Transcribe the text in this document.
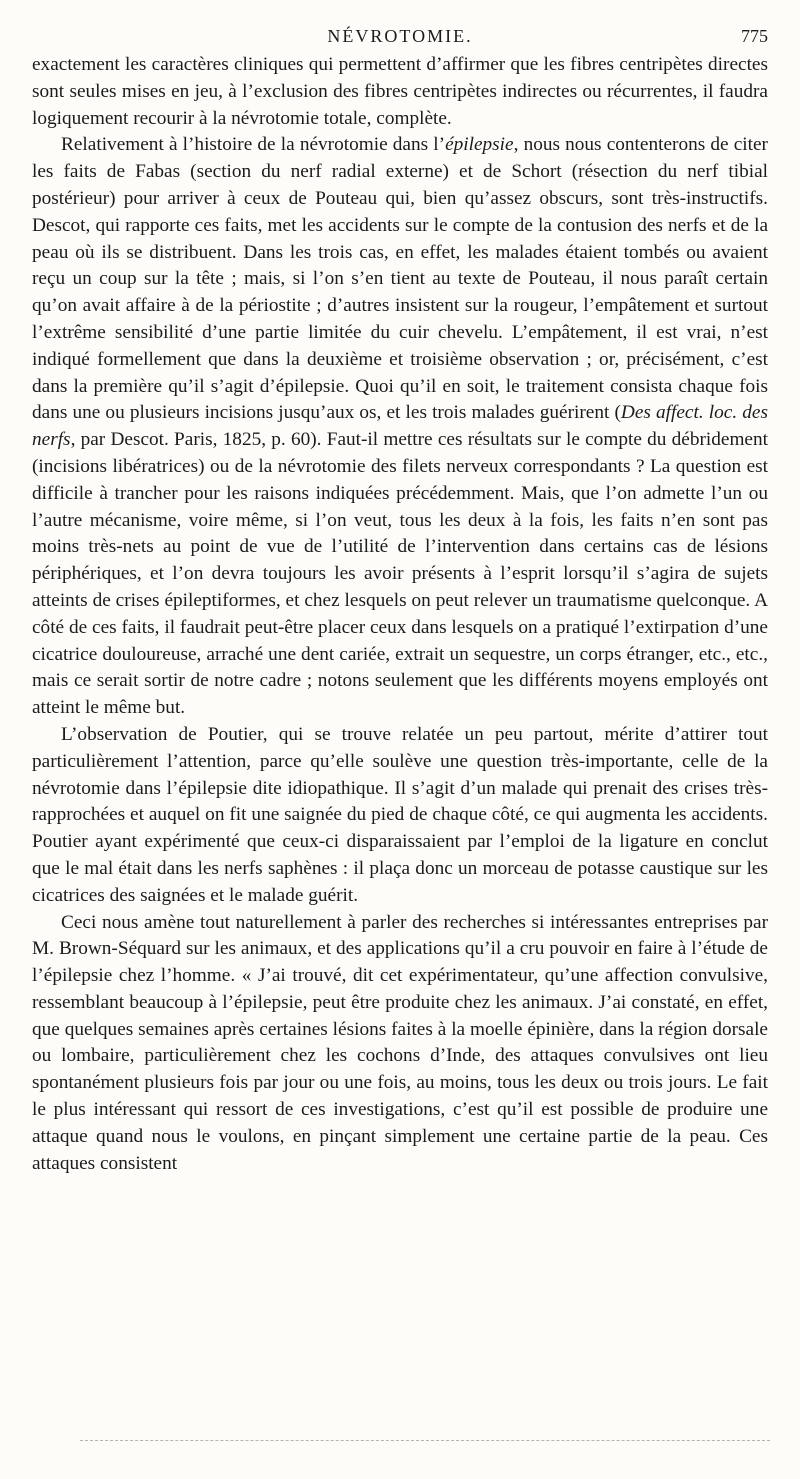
NÉVROTOMIE.	775

exactement les caractères cliniques qui permettent d’affirmer que les fibres centripètes directes sont seules mises en jeu, à l’exclusion des fibres centripètes indirectes ou récurrentes, il faudra logiquement recourir à la névrotomie totale, complète.

Relativement à l’histoire de la névrotomie dans l’épilepsie, nous nous contenterons de citer les faits de Fabas (section du nerf radial externe) et de Schort (résection du nerf tibial postérieur) pour arriver à ceux de Pouteau qui, bien qu’assez obscurs, sont très-instructifs. Descot, qui rapporte ces faits, met les accidents sur le compte de la contusion des nerfs et de la peau où ils se distribuent. Dans les trois cas, en effet, les malades étaient tombés ou avaient reçu un coup sur la tête ; mais, si l’on s’en tient au texte de Pouteau, il nous paraît certain qu’on avait affaire à de la périostite ; d’autres insistent sur la rougeur, l’empâtement et surtout l’extrême sensibilité d’une partie limitée du cuir chevelu. L’empâtement, il est vrai, n’est indiqué formellement que dans la deuxième et troisième observation ; or, précisément, c’est dans la première qu’il s’agit d’épilepsie. Quoi qu’il en soit, le traitement consista chaque fois dans une ou plusieurs incisions jusqu’aux os, et les trois malades guérirent (Des affect. loc. des nerfs, par Descot. Paris, 1825, p. 60). Faut-il mettre ces résultats sur le compte du débridement (incisions libératrices) ou de la névrotomie des filets nerveux correspondants ? La question est difficile à trancher pour les raisons indiquées précédemment. Mais, que l’on admette l’un ou l’autre mécanisme, voire même, si l’on veut, tous les deux à la fois, les faits n’en sont pas moins très-nets au point de vue de l’utilité de l’intervention dans certains cas de lésions périphériques, et l’on devra toujours les avoir présents à l’esprit lorsqu’il s’agira de sujets atteints de crises épileptiformes, et chez lesquels on peut relever un traumatisme quelconque. A côté de ces faits, il faudrait peut-être placer ceux dans lesquels on a pratiqué l’extirpation d’une cicatrice douloureuse, arraché une dent cariée, extrait un sequestre, un corps étranger, etc., etc., mais ce serait sortir de notre cadre ; notons seulement que les différents moyens employés ont atteint le même but.

L’observation de Poutier, qui se trouve relatée un peu partout, mérite d’attirer tout particulièrement l’attention, parce qu’elle soulève une question très-importante, celle de la névrotomie dans l’épilepsie dite idiopathique. Il s’agit d’un malade qui prenait des crises très-rapprochées et auquel on fit une saignée du pied de chaque côté, ce qui augmenta les accidents. Poutier ayant expérimenté que ceux-ci disparaissaient par l’emploi de la ligature en conclut que le mal était dans les nerfs saphènes : il plaça donc un morceau de potasse caustique sur les cicatrices des saignées et le malade guérit.

Ceci nous amène tout naturellement à parler des recherches si intéressantes entreprises par M. Brown-Séquard sur les animaux, et des applications qu’il a cru pouvoir en faire à l’étude de l’épilepsie chez l’homme. « J’ai trouvé, dit cet expérimentateur, qu’une affection convulsive, ressemblant beaucoup à l’épilepsie, peut être produite chez les animaux. J’ai constaté, en effet, que quelques semaines après certaines lésions faites à la moelle épinière, dans la région dorsale ou lombaire, particulièrement chez les cochons d’Inde, des attaques convulsives ont lieu spontanément plusieurs fois par jour ou une fois, au moins, tous les deux ou trois jours. Le fait le plus intéressant qui ressort de ces investigations, c’est qu’il est possible de produire une attaque quand nous le voulons, en pinçant simplement une certaine partie de la peau. Ces attaques consistent
